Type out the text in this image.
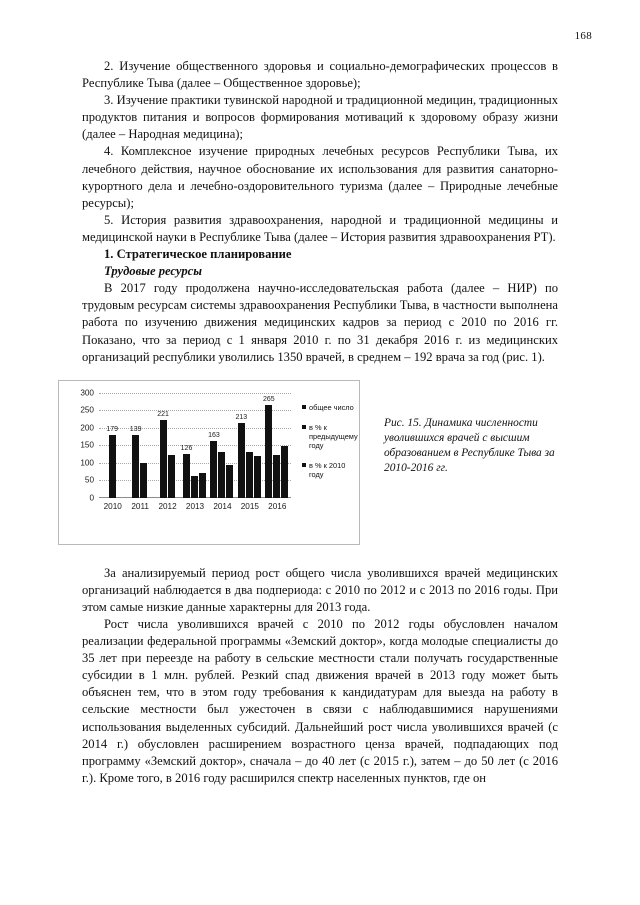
168

2. Изучение общественного здоровья и социально-демографических процессов в Республике Тыва (далее – Общественное здоровье);

3. Изучение практики тувинской народной и традиционной медицин, традиционных продуктов питания и вопросов формирования мотиваций к здоровому образу жизни (далее – Народная медицина);

4. Комплексное изучение природных лечебных ресурсов Республики Тыва, их лечебного действия, научное обоснование их использования для развития санаторно-курортного дела и лечебно-оздоровительного туризма (далее – Природные лечебные ресурсы);

5. История развития здравоохранения, народной и традиционной медицины и медицинской науки в Республике Тыва (далее – История развития здравоохранения РТ).

1. Стратегическое планирование

Трудовые ресурсы

В 2017 году продолжена научно-исследовательская работа (далее – НИР) по трудовым ресурсам системы здравоохранения Республики Тыва, в частности выполнена работа по изучению движения медицинских кадров за период с 2010 по 2016 гг. Показано, что за период с 1 января 2010 г. по 31 декабря 2016 г. из медицинских организаций республики уволились 1350 врачей, в среднем – 192 врача за год (рис. 1).

0
50
100
150
200
250
300
179 139
221
126
163
213
265
2010 2011 2012 2013 2014 2015 2016
общее число
в % к предыдущему году
в % к 2010 году
Рис. 15. Динамика численности уволившихся врачей с высшим образованием в Республике Тыва за 2010-2016 гг.

За анализируемый период рост общего числа уволившихся врачей медицинских организаций наблюдается в два подпериода: с 2010 по 2012 и с 2013 по 2016 годы. При этом самые низкие данные характерны для 2013 года.

Рост числа уволившихся врачей с 2010 по 2012 годы обусловлен началом реализации федеральной программы «Земский доктор», когда молодые специалисты до 35 лет при переезде на работу в сельские местности стали получать государственные субсидии в 1 млн. рублей. Резкий спад движения врачей в 2013 году может быть объяснен тем, что в этом году требования к кандидатурам для выезда на работу в сельские местности был ужесточен в связи с наблюдавшимися нарушениями использования выделенных субсидий. Дальнейший рост числа уволившихся врачей (с 2014 г.) обусловлен расширением возрастного ценза врачей, подпадающих под программу «Земский доктор», сначала – до 40 лет (с 2015 г.), затем – до 50 лет (с 2016 г.). Кроме того, в 2016 году расширился спектр населенных пунктов, где он
